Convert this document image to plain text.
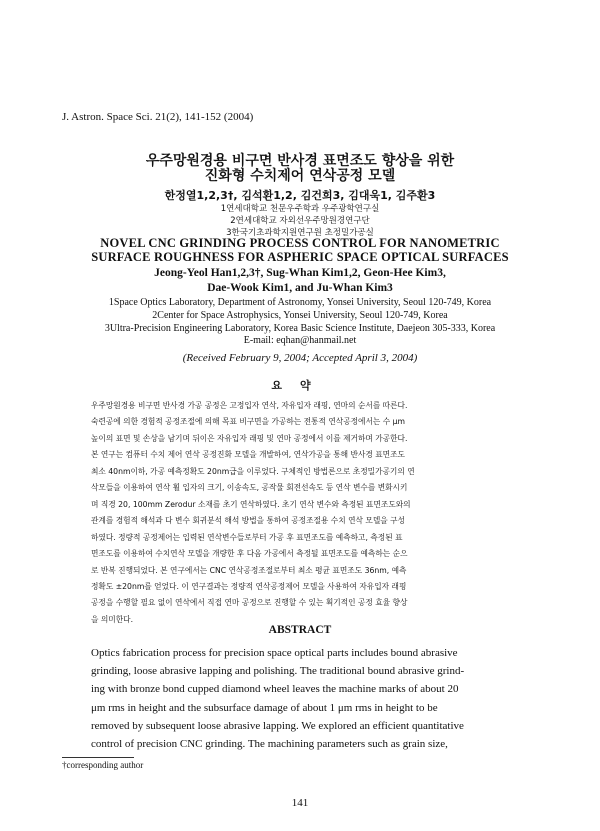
J. Astron. Space Sci. 21(2), 141-152 (2004)
우주망원경용 비구면 반사경 표면조도 향상을 위한
진화형 수치제어 연삭공정 모델
한정열1,2,3†, 김석환1,2, 김건희3, 김대욱1, 김주환3
1연세대학교 천문우주학과 우주광학연구실
2연세대학교 자외선우주망원경연구단
3한국기초과학지원연구원 초정밀가공실
NOVEL CNC GRINDING PROCESS CONTROL FOR NANOMETRIC
SURFACE ROUGHNESS FOR ASPHERIC SPACE OPTICAL SURFACES
Jeong-Yeol Han1,2,3†, Sug-Whan Kim1,2, Geon-Hee Kim3,
Dae-Wook Kim1, and Ju-Whan Kim3
1Space Optics Laboratory, Department of Astronomy, Yonsei University, Seoul 120-749, Korea
2Center for Space Astrophysics, Yonsei University, Seoul 120-749, Korea
3Ultra-Precision Engineering Laboratory, Korea Basic Science Institute, Daejeon 305-333, Korea
E-mail: eqhan@hanmail.net
(Received February 9, 2004; Accepted April 3, 2004)
요약
우주망원경용 비구면 반사경 가공 공정은 고정입자 연삭, 자유입자 래핑, 연마의 순서를 따른다.
숙련공에 의한 경험적 공정조절에 의해 목표 비구면을 가공하는 전통적 연삭공정에서는 수 μm
높이의 표면 및 손상을 남기며 뒤이은 자유입자 래핑 및 연마 공정에서 이를 제거하며 가공한다.
본 연구는 컴퓨터 수치 제어 연삭 공정진화 모델을 개발하여, 연삭가공을 통해 반사경 표면조도
최소 40nm이하, 가공 예측정확도 20nm급을 이루었다. 구체적인 방법론으로 초정밀가공기의 연
삭모들을 이용하여 연삭 휠 입자의 크기, 이송속도, 공작물 회전선속도 등 연삭 변수를 변화시키
며 직경 20, 100mm Zerodur 소재를 초기 연삭하였다. 초기 연삭 변수와 측정된 표면조도와의
관계를 경험적 해석과 다 변수 회귀분석 해석 방법을 통하여 공정조절용 수치 연삭 모델을 구성
하였다. 정량적 공정제어는 입력된 연삭변수들로부터 가공 후 표면조도를 예측하고, 측정된 표
면조도를 이용하여 수치연삭 모델을 개량한 후 다음 가공에서 측정될 표면조도를 예측하는 순으
로 반복 진행되었다. 본 연구에서는 CNC 연삭공정조절로부터 최소 평균 표면조도 36nm, 예측
정확도 ±20nm를 얻었다. 이 연구결과는 정량적 연삭공정제어 모델을 사용하여 자유입자 래핑
공정을 수행할 필요 없이 연삭에서 직접 연마 공정으로 진행할 수 있는 획기적인 공정 효율 향상
을 의미한다.
ABSTRACT
Optics fabrication process for precision space optical parts includes bound abrasive
grinding, loose abrasive lapping and polishing. The traditional bound abrasive grind-
ing with bronze bond cupped diamond wheel leaves the machine marks of about 20
μm rms in height and the subsurface damage of about 1 μm rms in height to be
removed by subsequent loose abrasive lapping. We explored an efficient quantitative
control of precision CNC grinding. The machining parameters such as grain size,
†corresponding author
141
